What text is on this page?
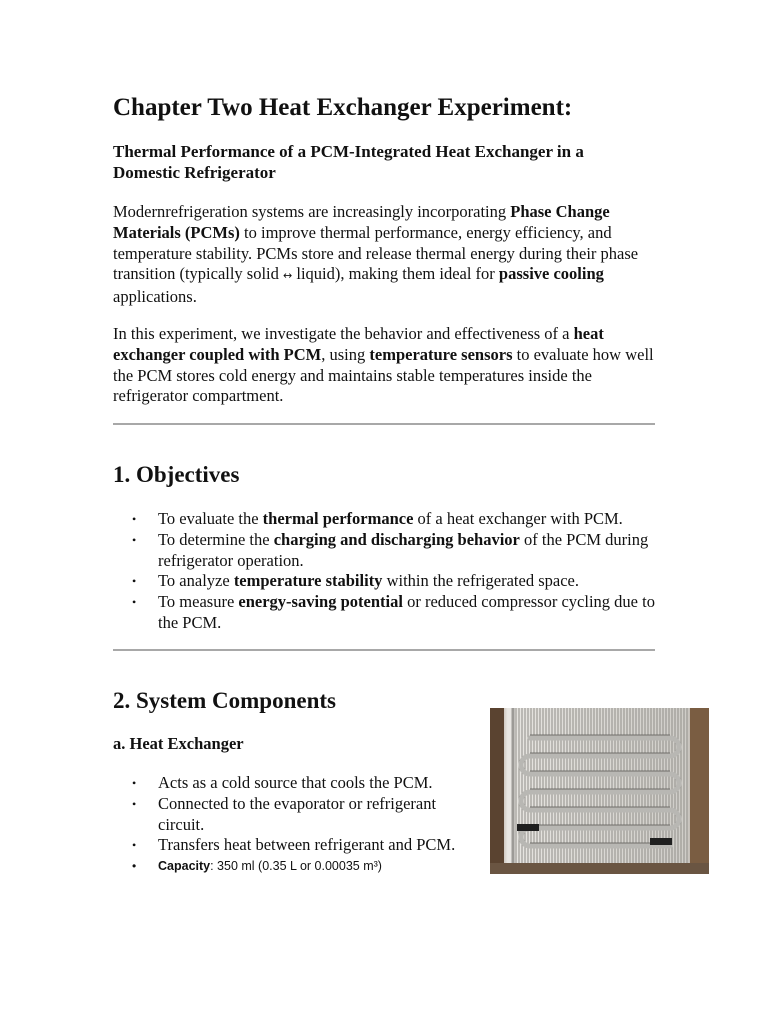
Chapter Two Heat Exchanger Experiment:
Thermal Performance of a PCM-Integrated Heat Exchanger in a Domestic Refrigerator

Modernrefrigeration systems are increasingly incorporating Phase Change Materials (PCMs) to improve thermal performance, energy efficiency, and temperature stability. PCMs store and release thermal energy during their phase transition (typically solid ↔ liquid), making them ideal for passive cooling applications.

In this experiment, we investigate the behavior and effectiveness of a heat exchanger coupled with PCM, using temperature sensors to evaluate how well the PCM stores cold energy and maintains stable temperatures inside the refrigerator compartment.

1. Objectives
• To evaluate the thermal performance of a heat exchanger with PCM.
• To determine the charging and discharging behavior of the PCM during refrigerator operation.
• To analyze temperature stability within the refrigerated space.
• To measure energy-saving potential or reduced compressor cycling due to the PCM.
2. System Components
a. Heat Exchanger
• Acts as a cold source that cools the PCM.
• Connected to the evaporator or refrigerant circuit.
• Transfers heat between refrigerant and PCM.
• Capacity: 350 ml (0.35 L or 0.00035 m³)
